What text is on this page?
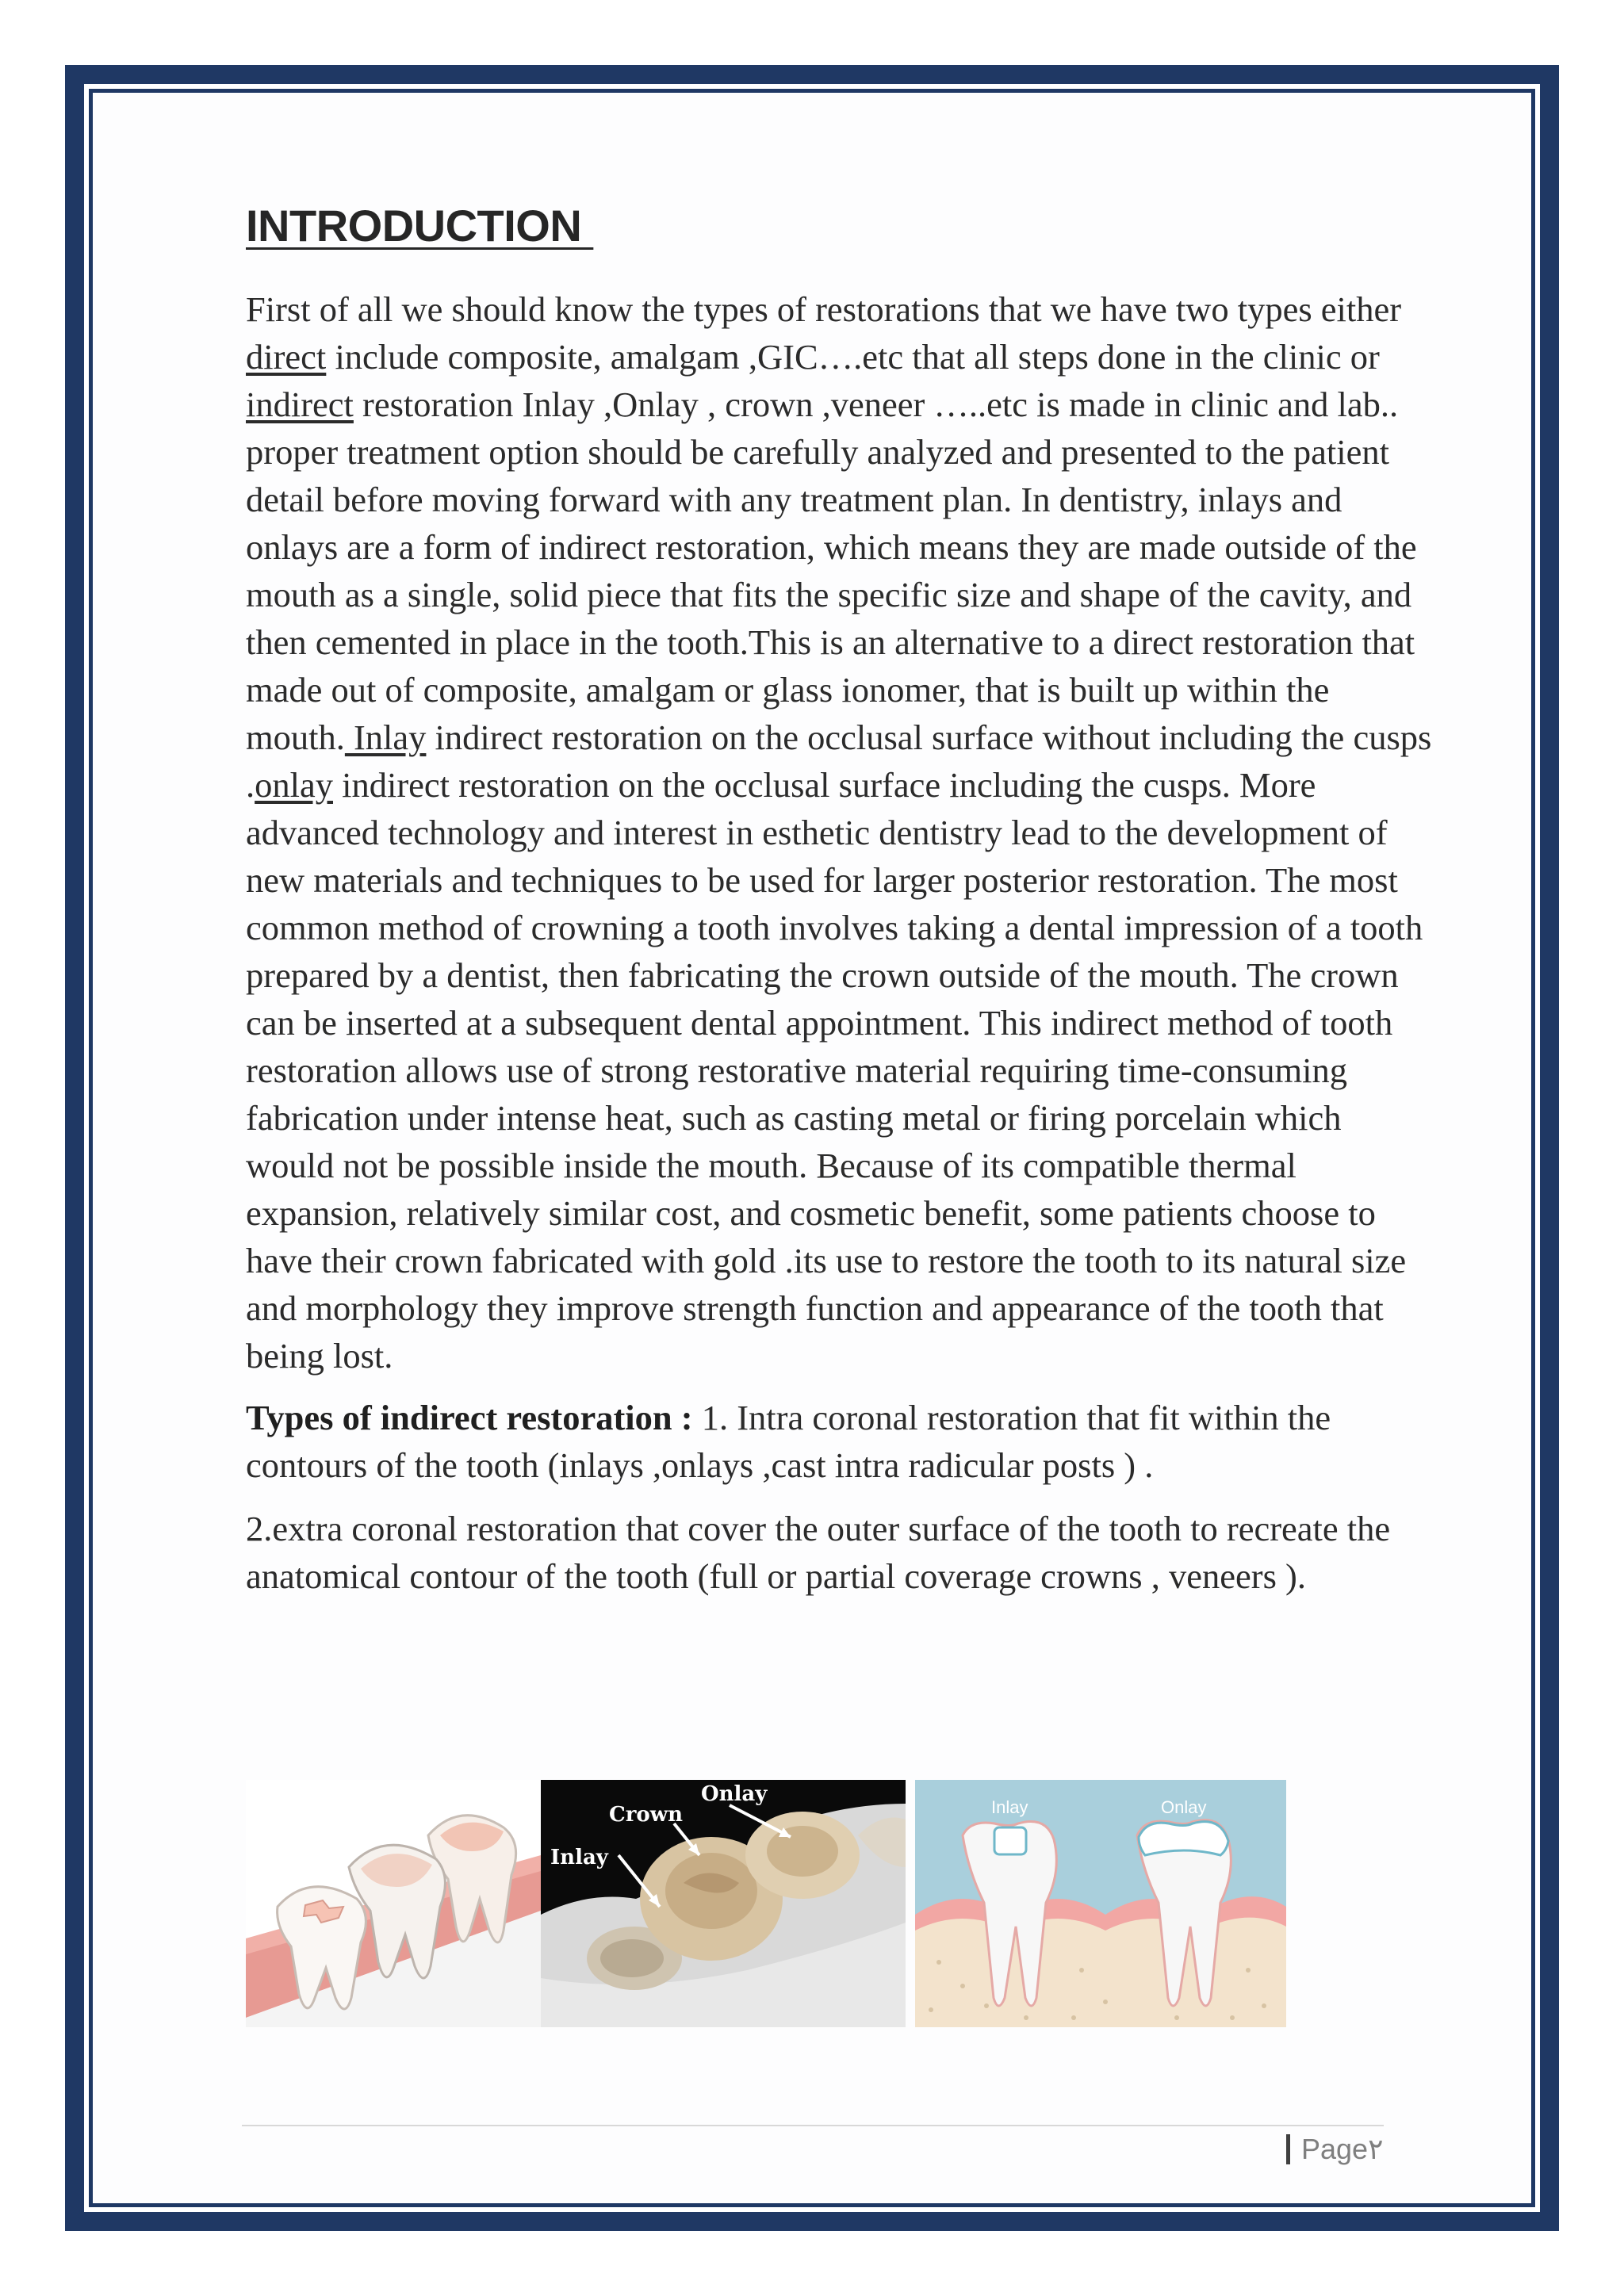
INTRODUCTION

First of all we should know the types of restorations that we have two types either direct include composite, amalgam ,GIC….etc that all steps done in the clinic or indirect restoration Inlay ,Onlay , crown ,veneer …..etc is made in clinic and lab.. proper treatment option should be carefully analyzed and presented to the patient detail before moving forward with any treatment plan. In dentistry, inlays and onlays are a form of indirect restoration, which means they are made outside of the mouth as a single, solid piece that fits the specific size and shape of the cavity, and then cemented in place in the tooth.This is an alternative to a direct restoration that made out of composite, amalgam or glass ionomer, that is built up within the mouth. Inlay indirect restoration on the occlusal surface without including the cusps .onlay indirect restoration on the occlusal surface including the cusps. More advanced technology and interest in esthetic dentistry lead to the development of new materials and techniques to be used for larger posterior restoration. The most common method of crowning a tooth involves taking a dental impression of a tooth prepared by a dentist, then fabricating the crown outside of the mouth. The crown can be inserted at a subsequent dental appointment. This indirect method of tooth restoration allows use of strong restorative material requiring time-consuming fabrication under intense heat, such as casting metal or firing porcelain which would not be possible inside the mouth. Because of its compatible thermal expansion, relatively similar cost, and cosmetic benefit, some patients choose to have their crown fabricated with gold .its use to restore the tooth to its natural size and morphology they improve strength function and appearance of the tooth that being lost.

Types of indirect restoration : 1. Intra coronal restoration that fit within the contours of the tooth (inlays ,onlays ,cast intra radicular posts ) .

2.extra coronal restoration that cover the outer surface of the tooth to recreate the anatomical contour of the tooth (full or partial coverage crowns , veneers ).

Onlay
Crown
Inlay
Inlay	Onlay
Page ٢
